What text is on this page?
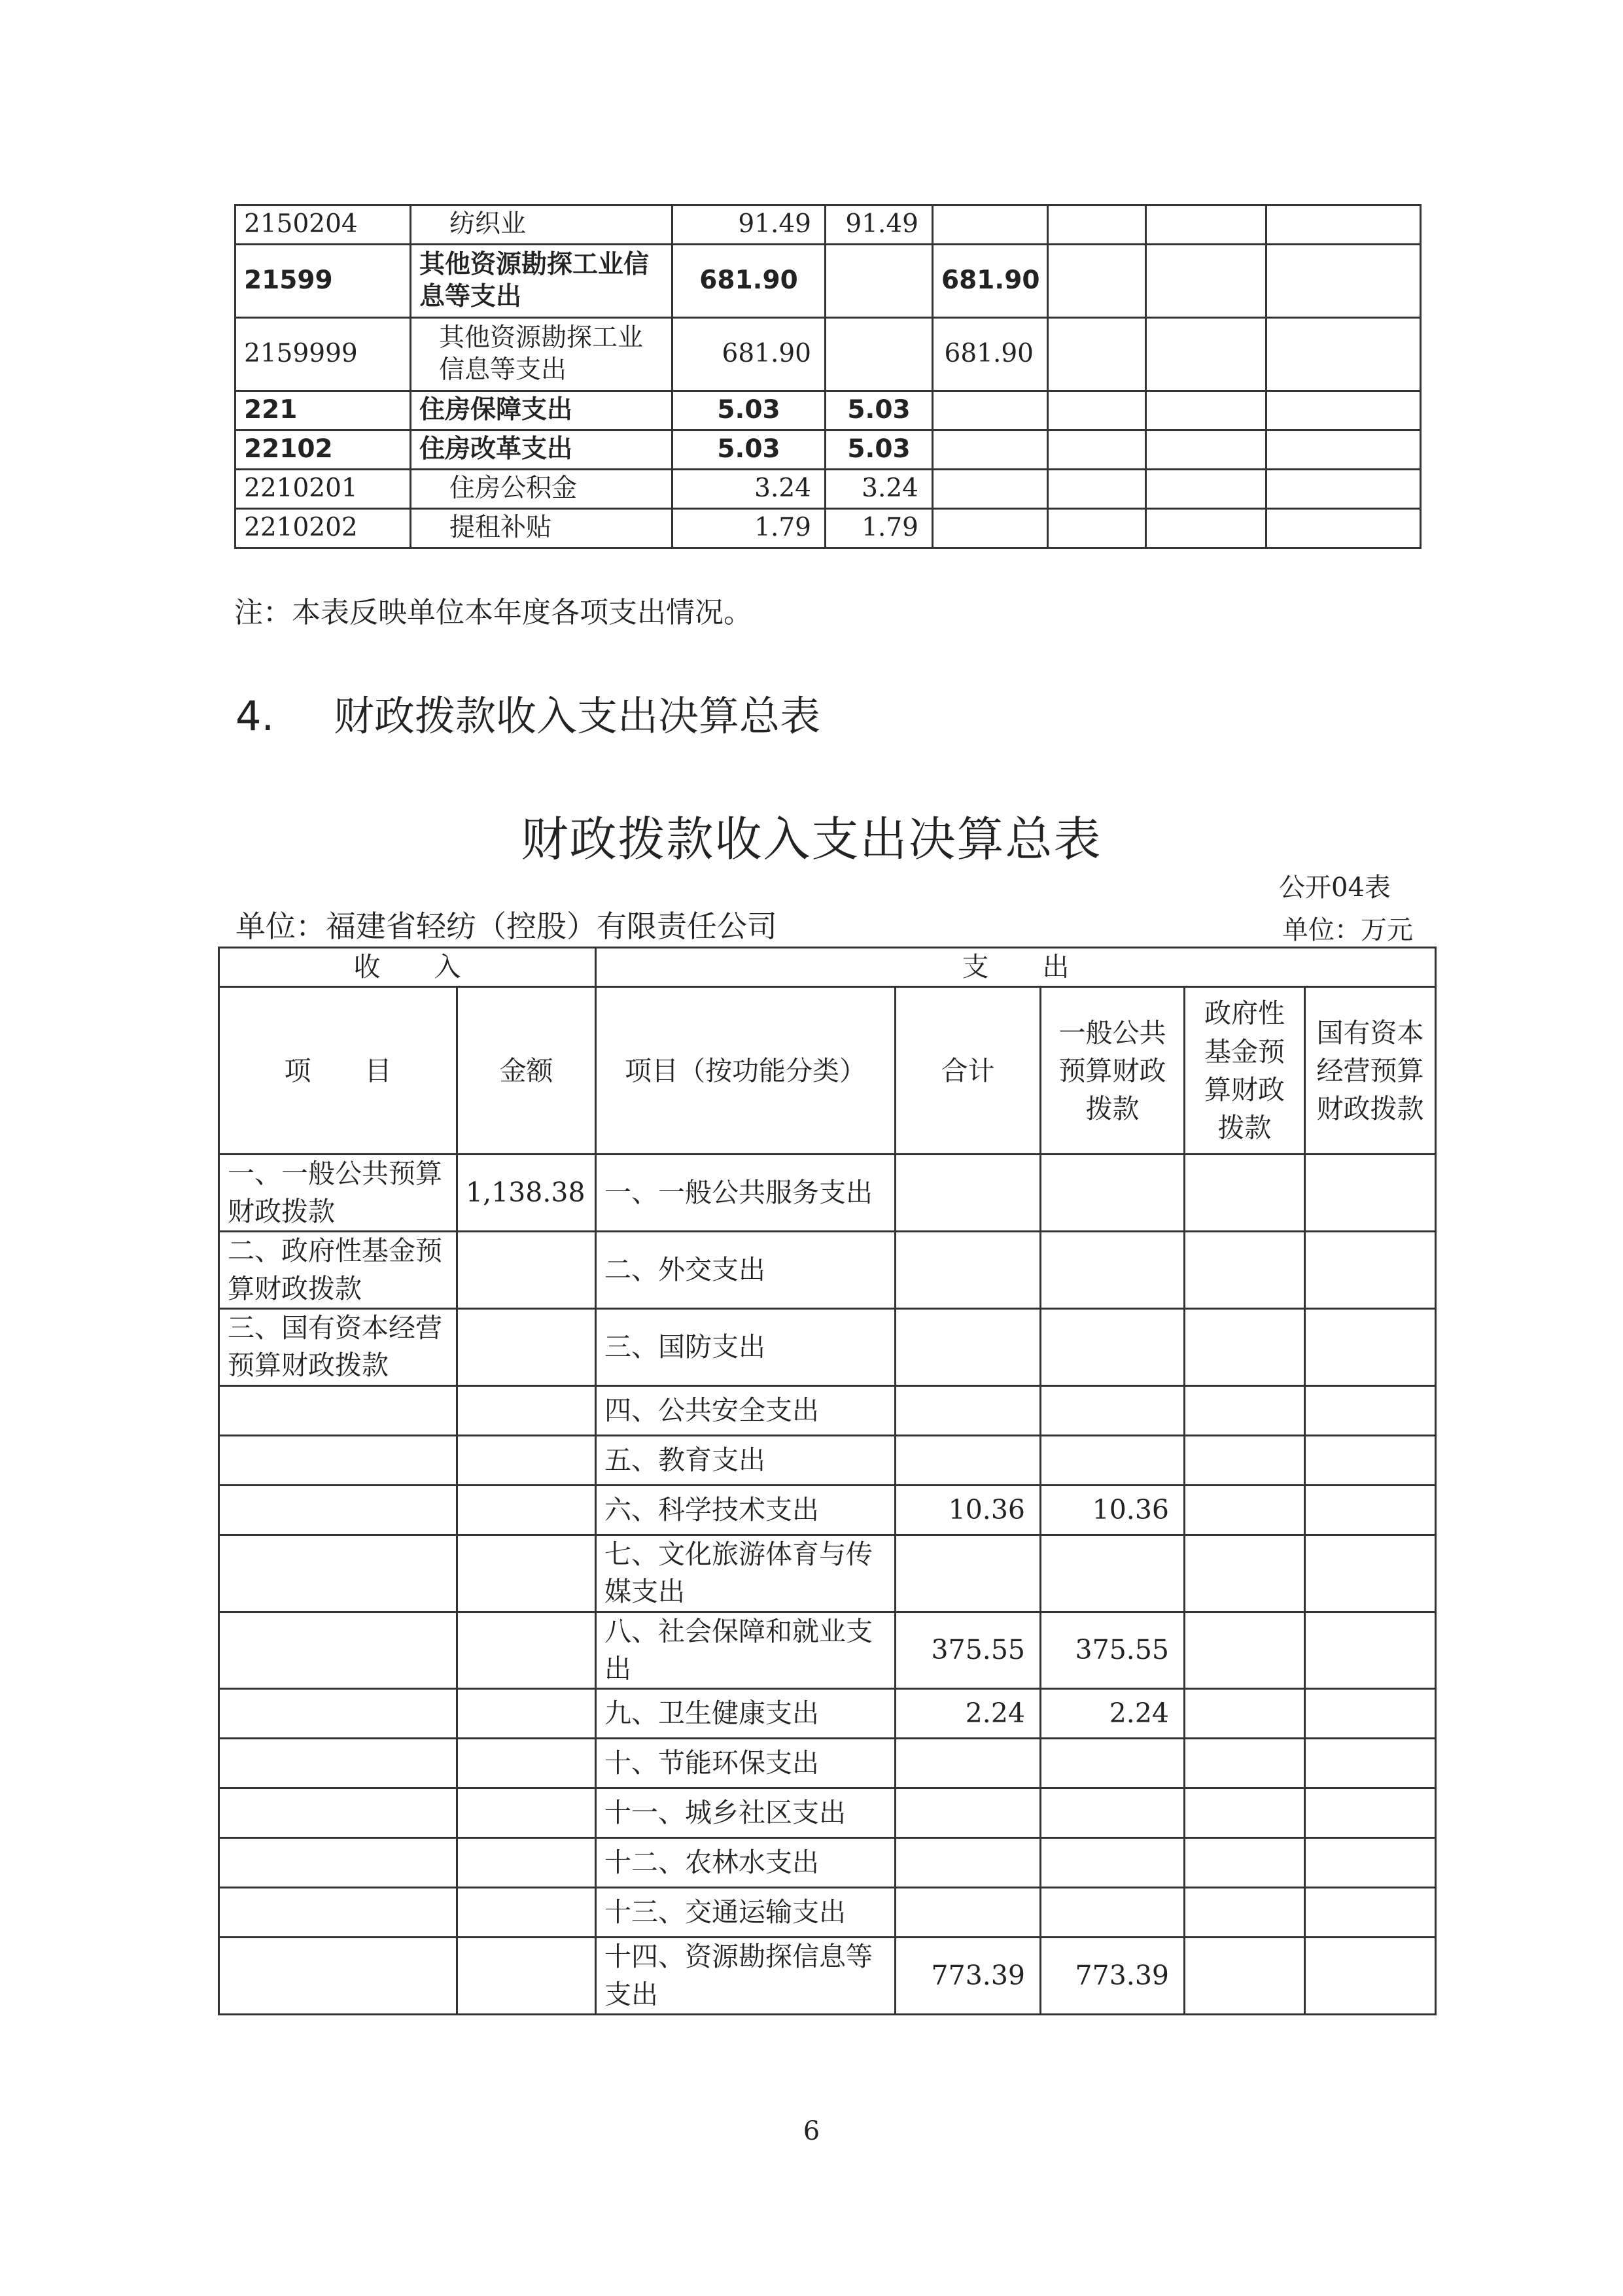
2150204	纺织业	91.49	91.49				
21599	其他资源勘探工业信息等支出	681.90		681.90			
2159999	其他资源勘探工业信息等支出	681.90		681.90			
221	住房保障支出	5.03	5.03				
22102	住房改革支出	5.03	5.03				
2210201	住房公积金	3.24	3.24				
2210202	提租补贴	1.79	1.79				
注：本表反映单位本年度各项支出情况。
4. 财政拨款收入支出决算总表
财政拨款收入支出决算总表
公开04表
单位：福建省轻纺（控股）有限责任公司	单位：万元
收　　入		支　　出				
项　　目	金额	项目（按功能分类）	合计	一般公共预算财政拨款	政府性基金预算财政拨款	国有资本经营预算财政拨款
一、一般公共预算财政拨款	1,138.38	一、一般公共服务支出				
二、政府性基金预算财政拨款		二、外交支出				
三、国有资本经营预算财政拨款		三、国防支出				
		四、公共安全支出				
		五、教育支出				
		六、科学技术支出	10.36	10.36		
		七、文化旅游体育与传媒支出				
		八、社会保障和就业支出	375.55	375.55		
		九、卫生健康支出	2.24	2.24		
		十、节能环保支出				
		十一、城乡社区支出				
		十二、农林水支出				
		十三、交通运输支出				
		十四、资源勘探信息等支出	773.39	773.39		
6
